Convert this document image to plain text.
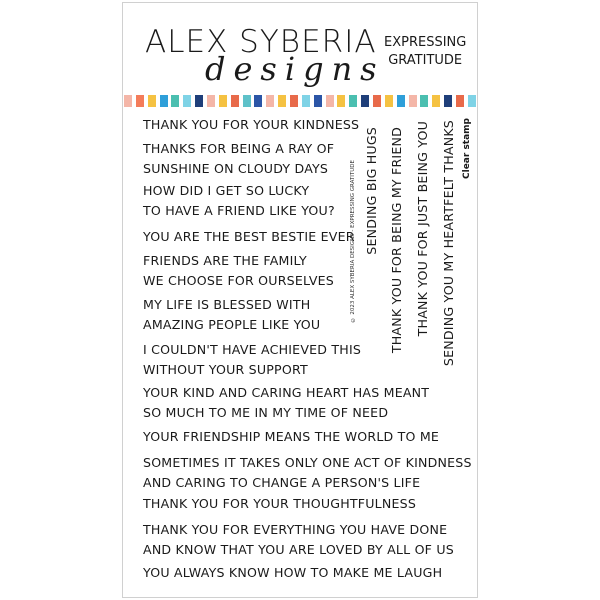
ALEX SYBERIA
designs
EXPRESSING
GRATITUDE
THANK YOU FOR YOUR KINDNESS
THANKS FOR BEING A RAY OF
SUNSHINE ON CLOUDY DAYS
HOW DID I GET SO LUCKY
TO HAVE A FRIEND LIKE YOU?
YOU ARE THE BEST BESTIE EVER
FRIENDS ARE THE FAMILY
WE CHOOSE FOR OURSELVES
MY LIFE IS BLESSED WITH
AMAZING PEOPLE LIKE YOU
I COULDN'T HAVE ACHIEVED THIS
WITHOUT YOUR SUPPORT
YOUR KIND AND CARING HEART HAS MEANT
SO MUCH TO ME IN MY TIME OF NEED
YOUR FRIENDSHIP MEANS THE WORLD TO ME
SOMETIMES IT TAKES ONLY ONE ACT OF KINDNESS
AND CARING TO CHANGE A PERSON'S LIFE
THANK YOU FOR YOUR THOUGHTFULNESS
THANK YOU FOR EVERYTHING YOU HAVE DONE
AND KNOW THAT YOU ARE LOVED BY ALL OF US
YOU ALWAYS KNOW HOW TO MAKE ME LAUGH
© 2023 ALEX SYBERIA DESIGNS - EXPRESSING GRATITUDE SENDING BIG HUGS THANK YOU FOR BEING MY FRIEND THANK YOU FOR JUST BEING YOU SENDING YOU MY HEARTFELT THANKS Clear stamp
